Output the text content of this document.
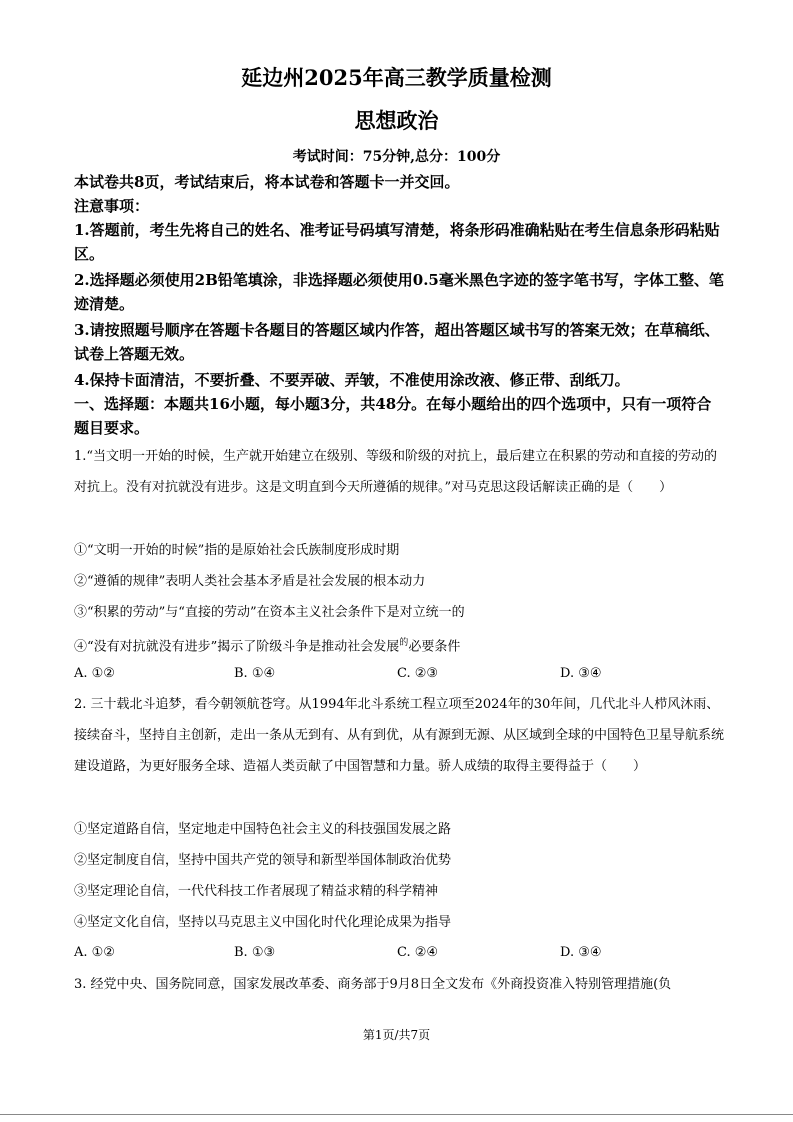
延边州2025年高三教学质量检测
思想政治
考试时间：75分钟,总分：100分
本试卷共8页，考试结束后，将本试卷和答题卡一并交回。
注意事项：
1.答题前，考生先将自己的姓名、准考证号码填写清楚，将条形码准确粘贴在考生信息条形码粘贴区。
2.选择题必须使用2B铅笔填涂，非选择题必须使用0.5毫米黑色字迹的签字笔书写，字体工整、笔迹清楚。
3.请按照题号顺序在答题卡各题目的答题区域内作答，超出答题区域书写的答案无效；在草稿纸、试卷上答题无效。
4.保持卡面清洁，不要折叠、不要弄破、弄皱，不准使用涂改液、修正带、刮纸刀。
一、选择题：本题共16小题，每小题3分，共48分。在每小题给出的四个选项中，只有一项符合题目要求。
1.“当文明一开始的时候，生产就开始建立在级别、等级和阶级的对抗上，最后建立在积累的劳动和直接的劳动的对抗上。没有对抗就没有进步。这是文明直到今天所遵循的规律。”对马克思这段话解读正确的是（　　）
①“文明一开始的时候”指的是原始社会氏族制度形成时期
②“遵循的规律”表明人类社会基本矛盾是社会发展的根本动力
③“积累的劳动”与“直接的劳动”在资本主义社会条件下是对立统一的
④“没有对抗就没有进步”揭示了阶级斗争是推动社会发展$^的$必要条件
A. ①②	B. ①④	C. ②③	D. ③④
2. 三十载北斗追梦，看今朝领航苍穹。从1994年北斗系统工程立项至2024年的30年间，几代北斗人栉风沐雨、接续奋斗，坚持自主创新，走出一条从无到有、从有到优，从有源到无源、从区域到全球的中国特色卫星导航系统建设道路，为更好服务全球、造福人类贡献了中国智慧和力量。骄人成绩的取得主要得益于（　　）
①坚定道路自信，坚定地走中国特色社会主义的科技强国发展之路
②坚定制度自信，坚持中国共产党的领导和新型举国体制政治优势
③坚定理论自信，一代代科技工作者展现了精益求精的科学精神
④坚定文化自信，坚持以马克思主义中国化时代化理论成果为指导
A. ①②	B. ①③	C. ②④	D. ③④
3. 经党中央、国务院同意，国家发展改革委、商务部于9月8日全文发布《外商投资准入特别管理措施(负
第1页/共7页
